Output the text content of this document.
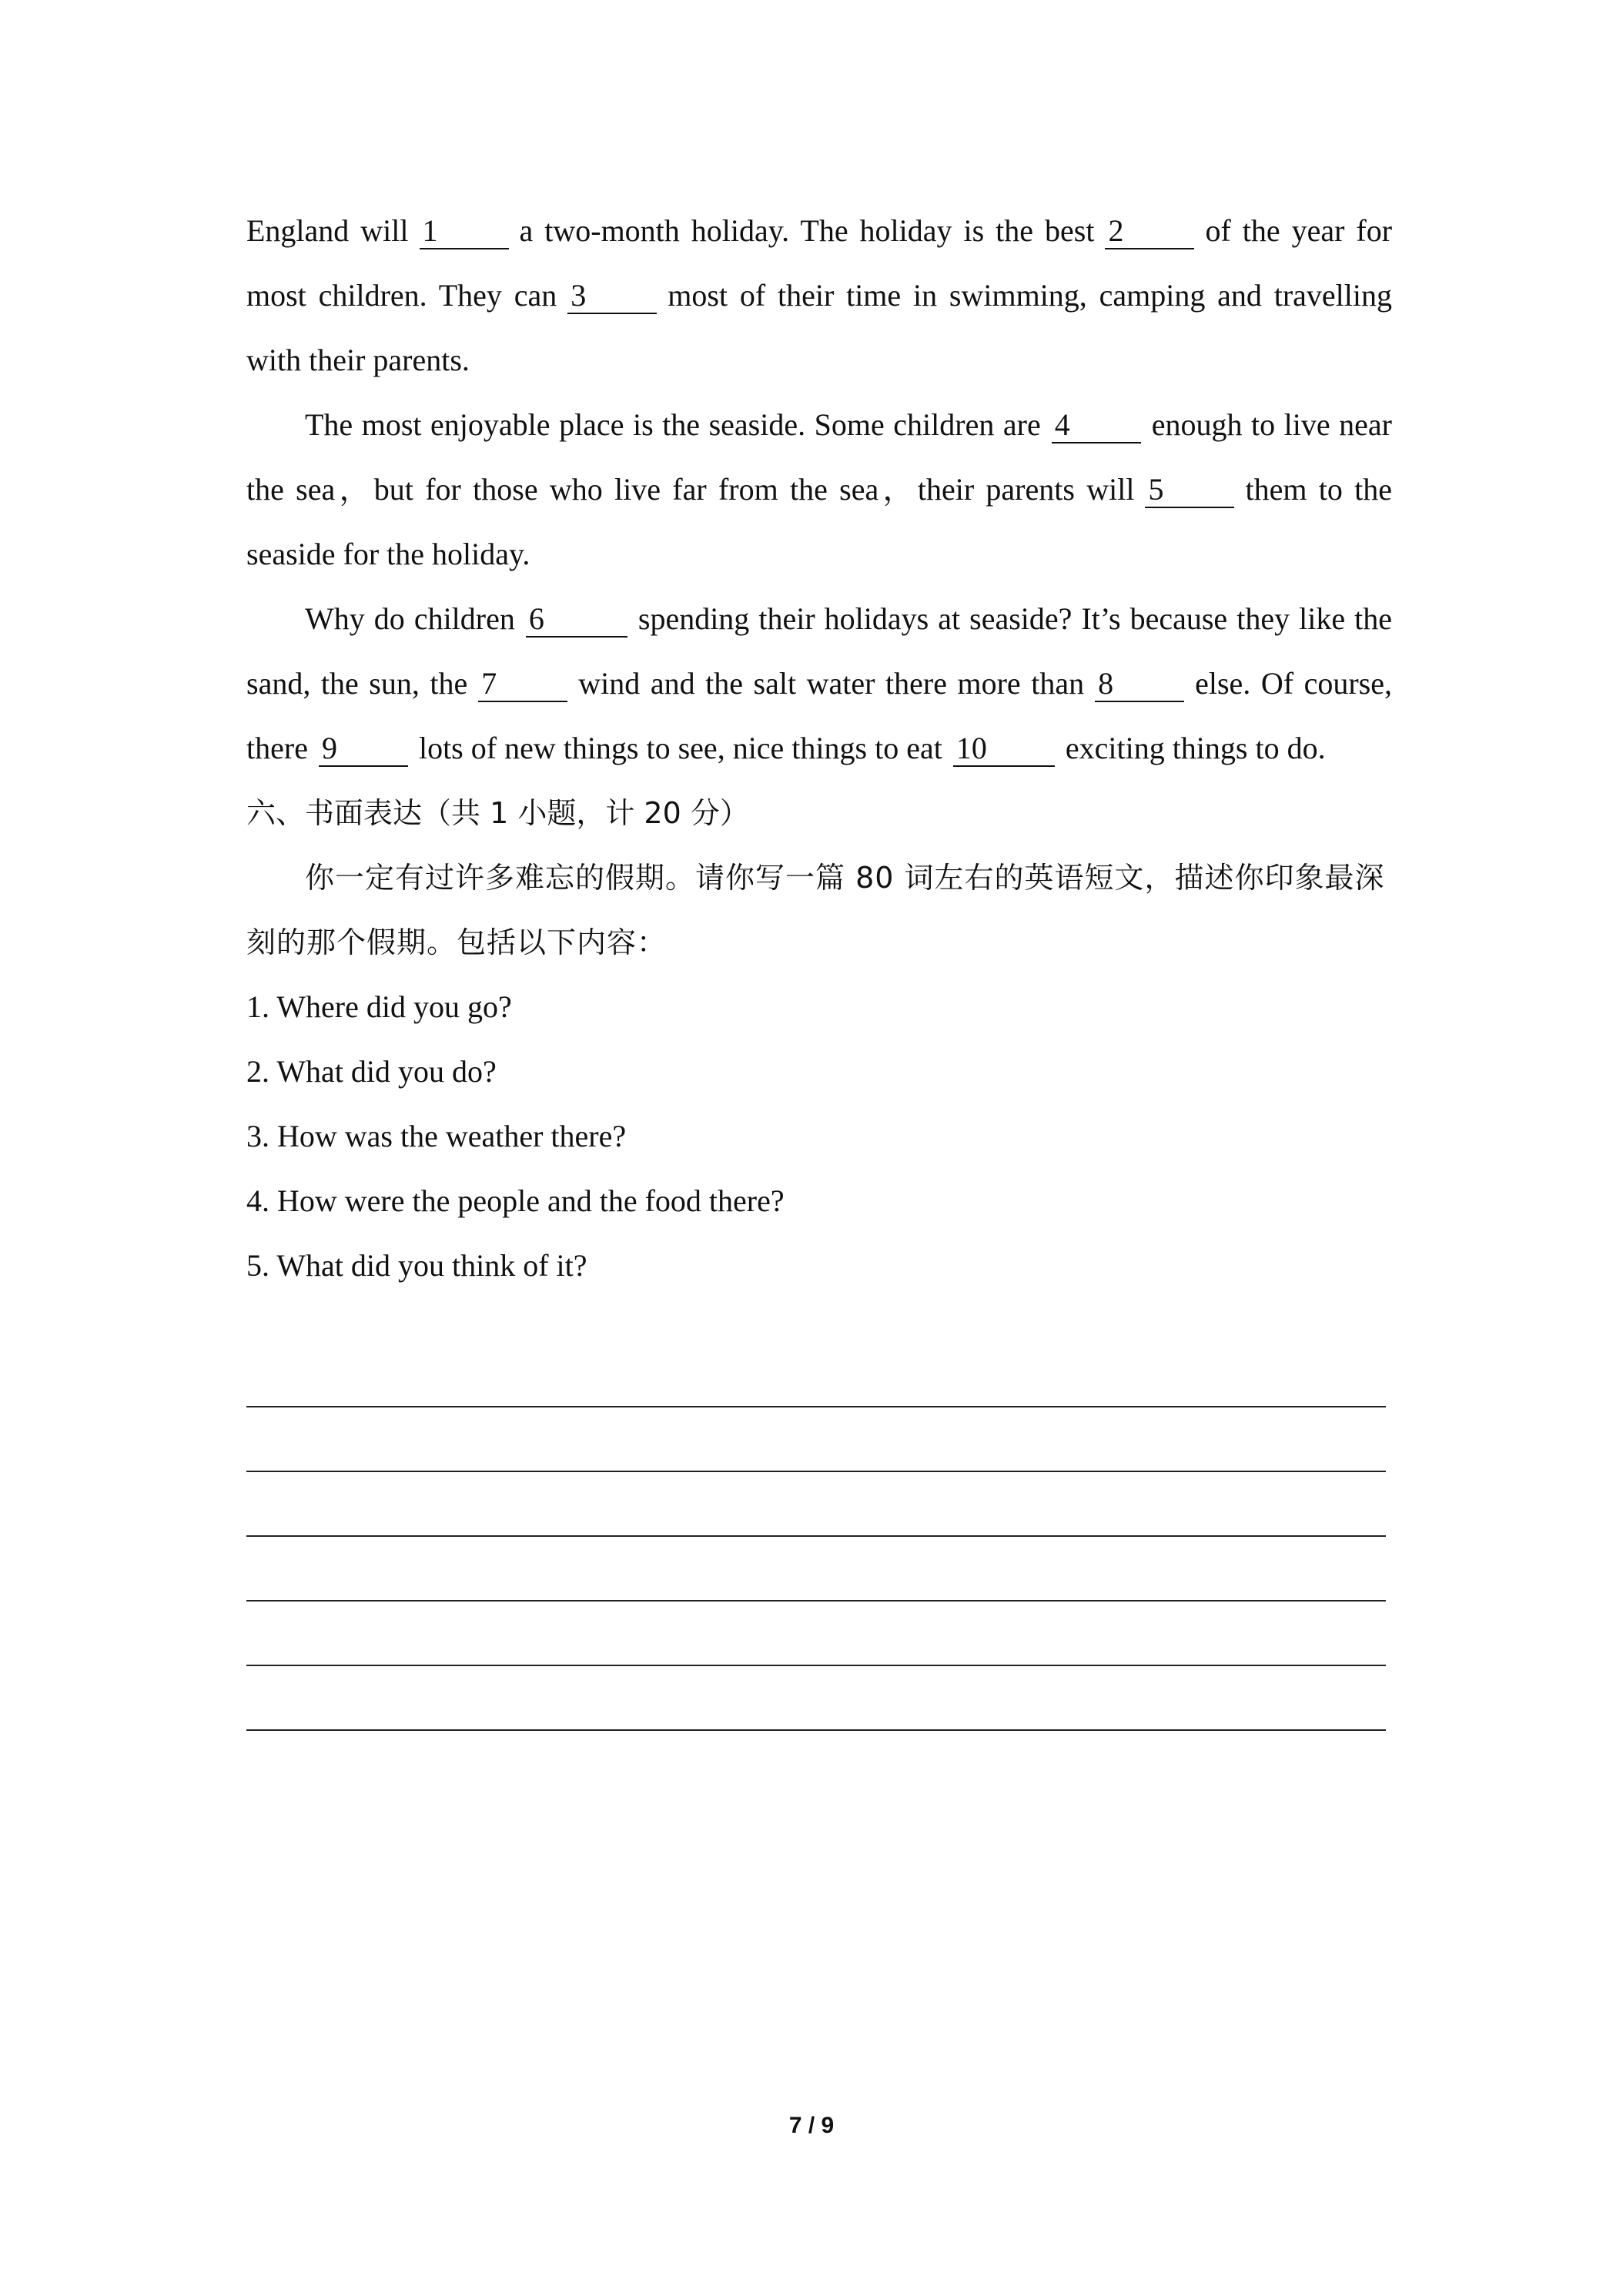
England will 1	a two-month holiday. The holiday is the best 2	of the year for most children. They can 3	most of their time in swimming, camping and travelling with their parents.

The most enjoyable place is the seaside. Some children are 4	enough to live near the sea，but for those who live far from the sea，their parents will 5	them to the seaside for the holiday.

Why do children 6	spending their holidays at seaside? It’s because they like the sand, the sun, the 7	wind and the salt water there more than 8	else. Of course, there 9	lots of new things to see, nice things to eat 10	exciting things to do.

六、书面表达（共 1 小题，计 20 分）

你一定有过许多难忘的假期。请你写一篇 80 词左右的英语短文，描述你印象最深刻的那个假期。包括以下内容：

1. Where did you go?

2. What did you do?

3. How was the weather there?

4. How were the people and the food there?

5. What did you think of it?

7 / 9
